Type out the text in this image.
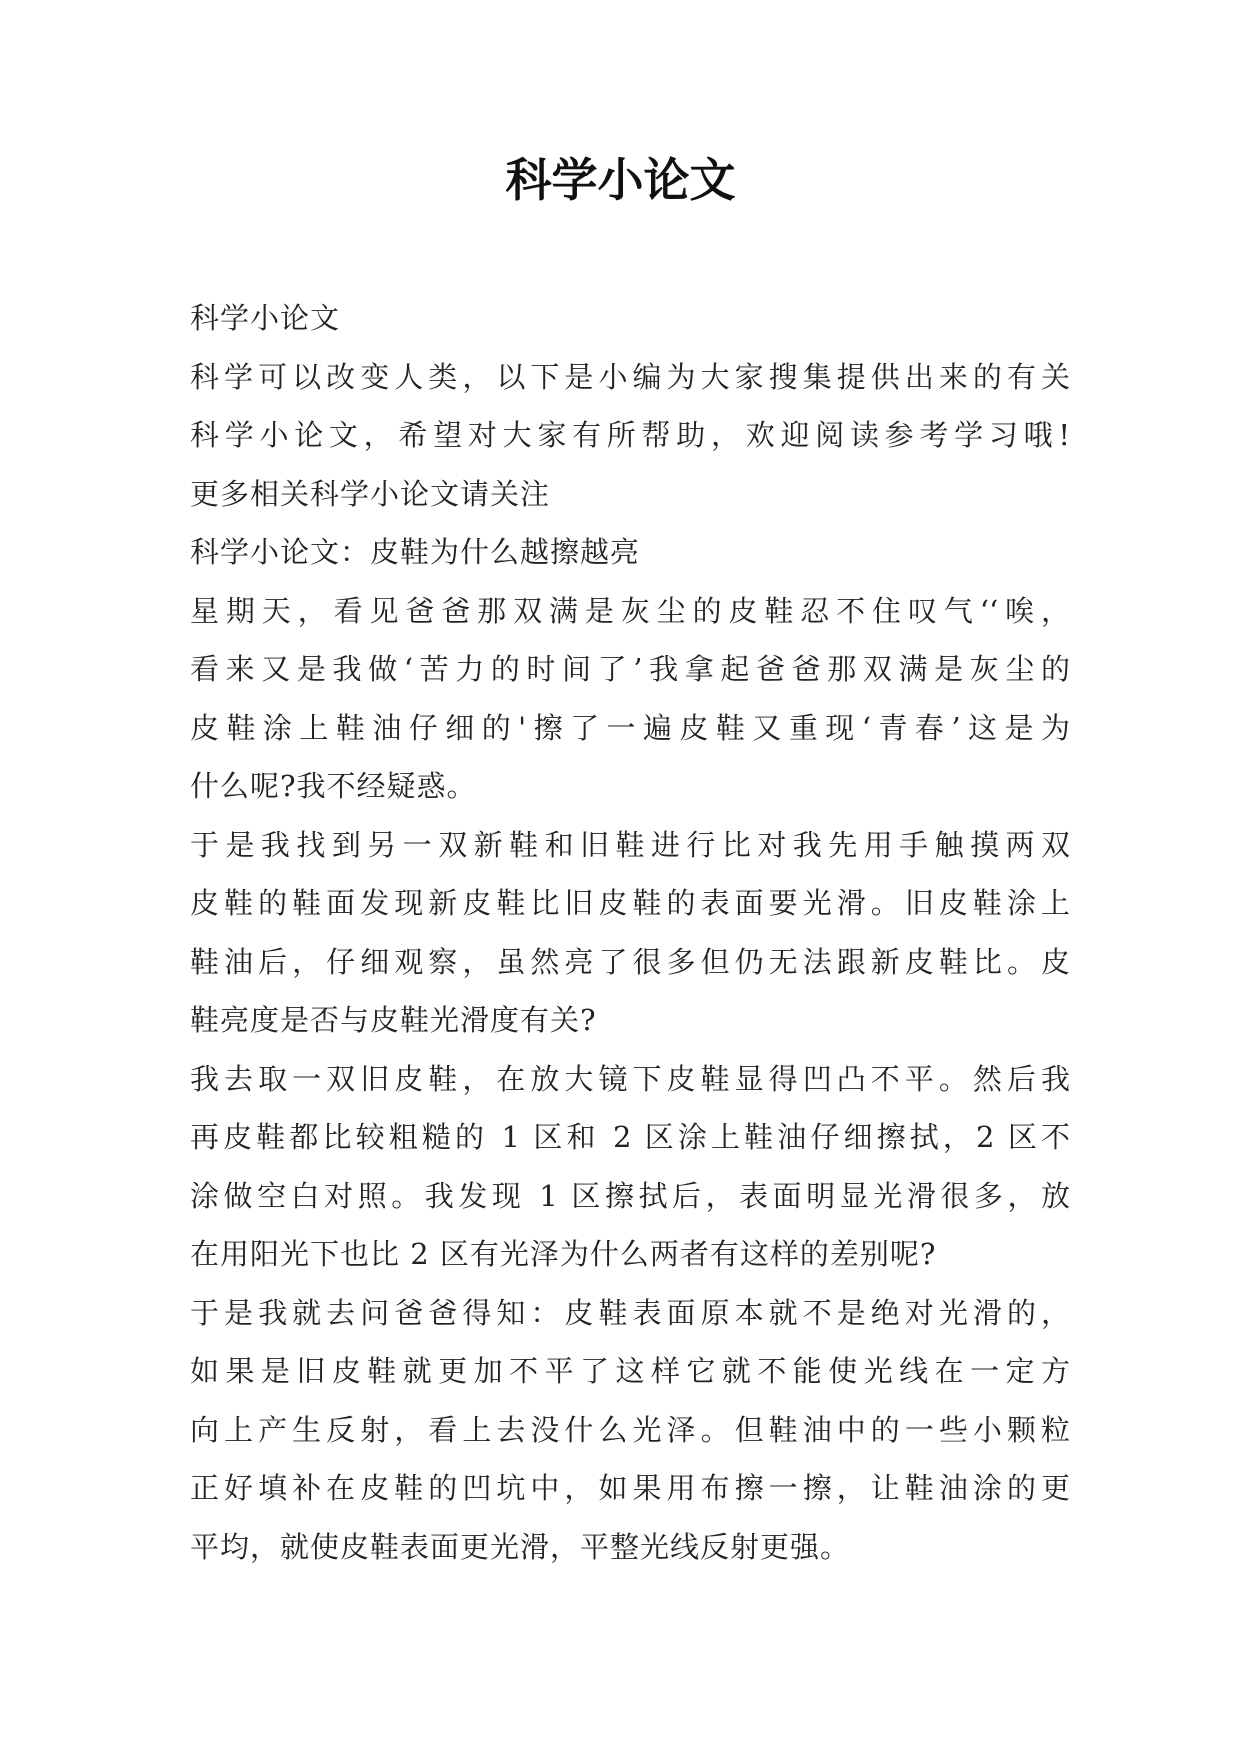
科学小论文
科学小论文
科学可以改变人类，以下是小编为大家搜集提供出来的有关
科学小论文，希望对大家有所帮助，欢迎阅读参考学习哦!
更多相关科学小论文请关注
科学小论文：皮鞋为什么越擦越亮
星期天，看见爸爸那双满是灰尘的皮鞋忍不住叹气‘‘唉，
看来又是我做‘苦力的时间了’我拿起爸爸那双满是灰尘的
皮鞋涂上鞋油仔细的'擦了一遍皮鞋又重现‘青春’这是为
什么呢?我不经疑惑。
于是我找到另一双新鞋和旧鞋进行比对我先用手触摸两双
皮鞋的鞋面发现新皮鞋比旧皮鞋的表面要光滑。旧皮鞋涂上
鞋油后，仔细观察，虽然亮了很多但仍无法跟新皮鞋比。皮
鞋亮度是否与皮鞋光滑度有关?
我去取一双旧皮鞋，在放大镜下皮鞋显得凹凸不平。然后我
再皮鞋都比较粗糙的 1 区和 2 区涂上鞋油仔细擦拭，2 区不
涂做空白对照。我发现 1 区擦拭后，表面明显光滑很多，放
在用阳光下也比 2 区有光泽为什么两者有这样的差别呢?
于是我就去问爸爸得知：皮鞋表面原本就不是绝对光滑的，
如果是旧皮鞋就更加不平了这样它就不能使光线在一定方
向上产生反射，看上去没什么光泽。但鞋油中的一些小颗粒
正好填补在皮鞋的凹坑中，如果用布擦一擦，让鞋油涂的更
平均，就使皮鞋表面更光滑，平整光线反射更强。
